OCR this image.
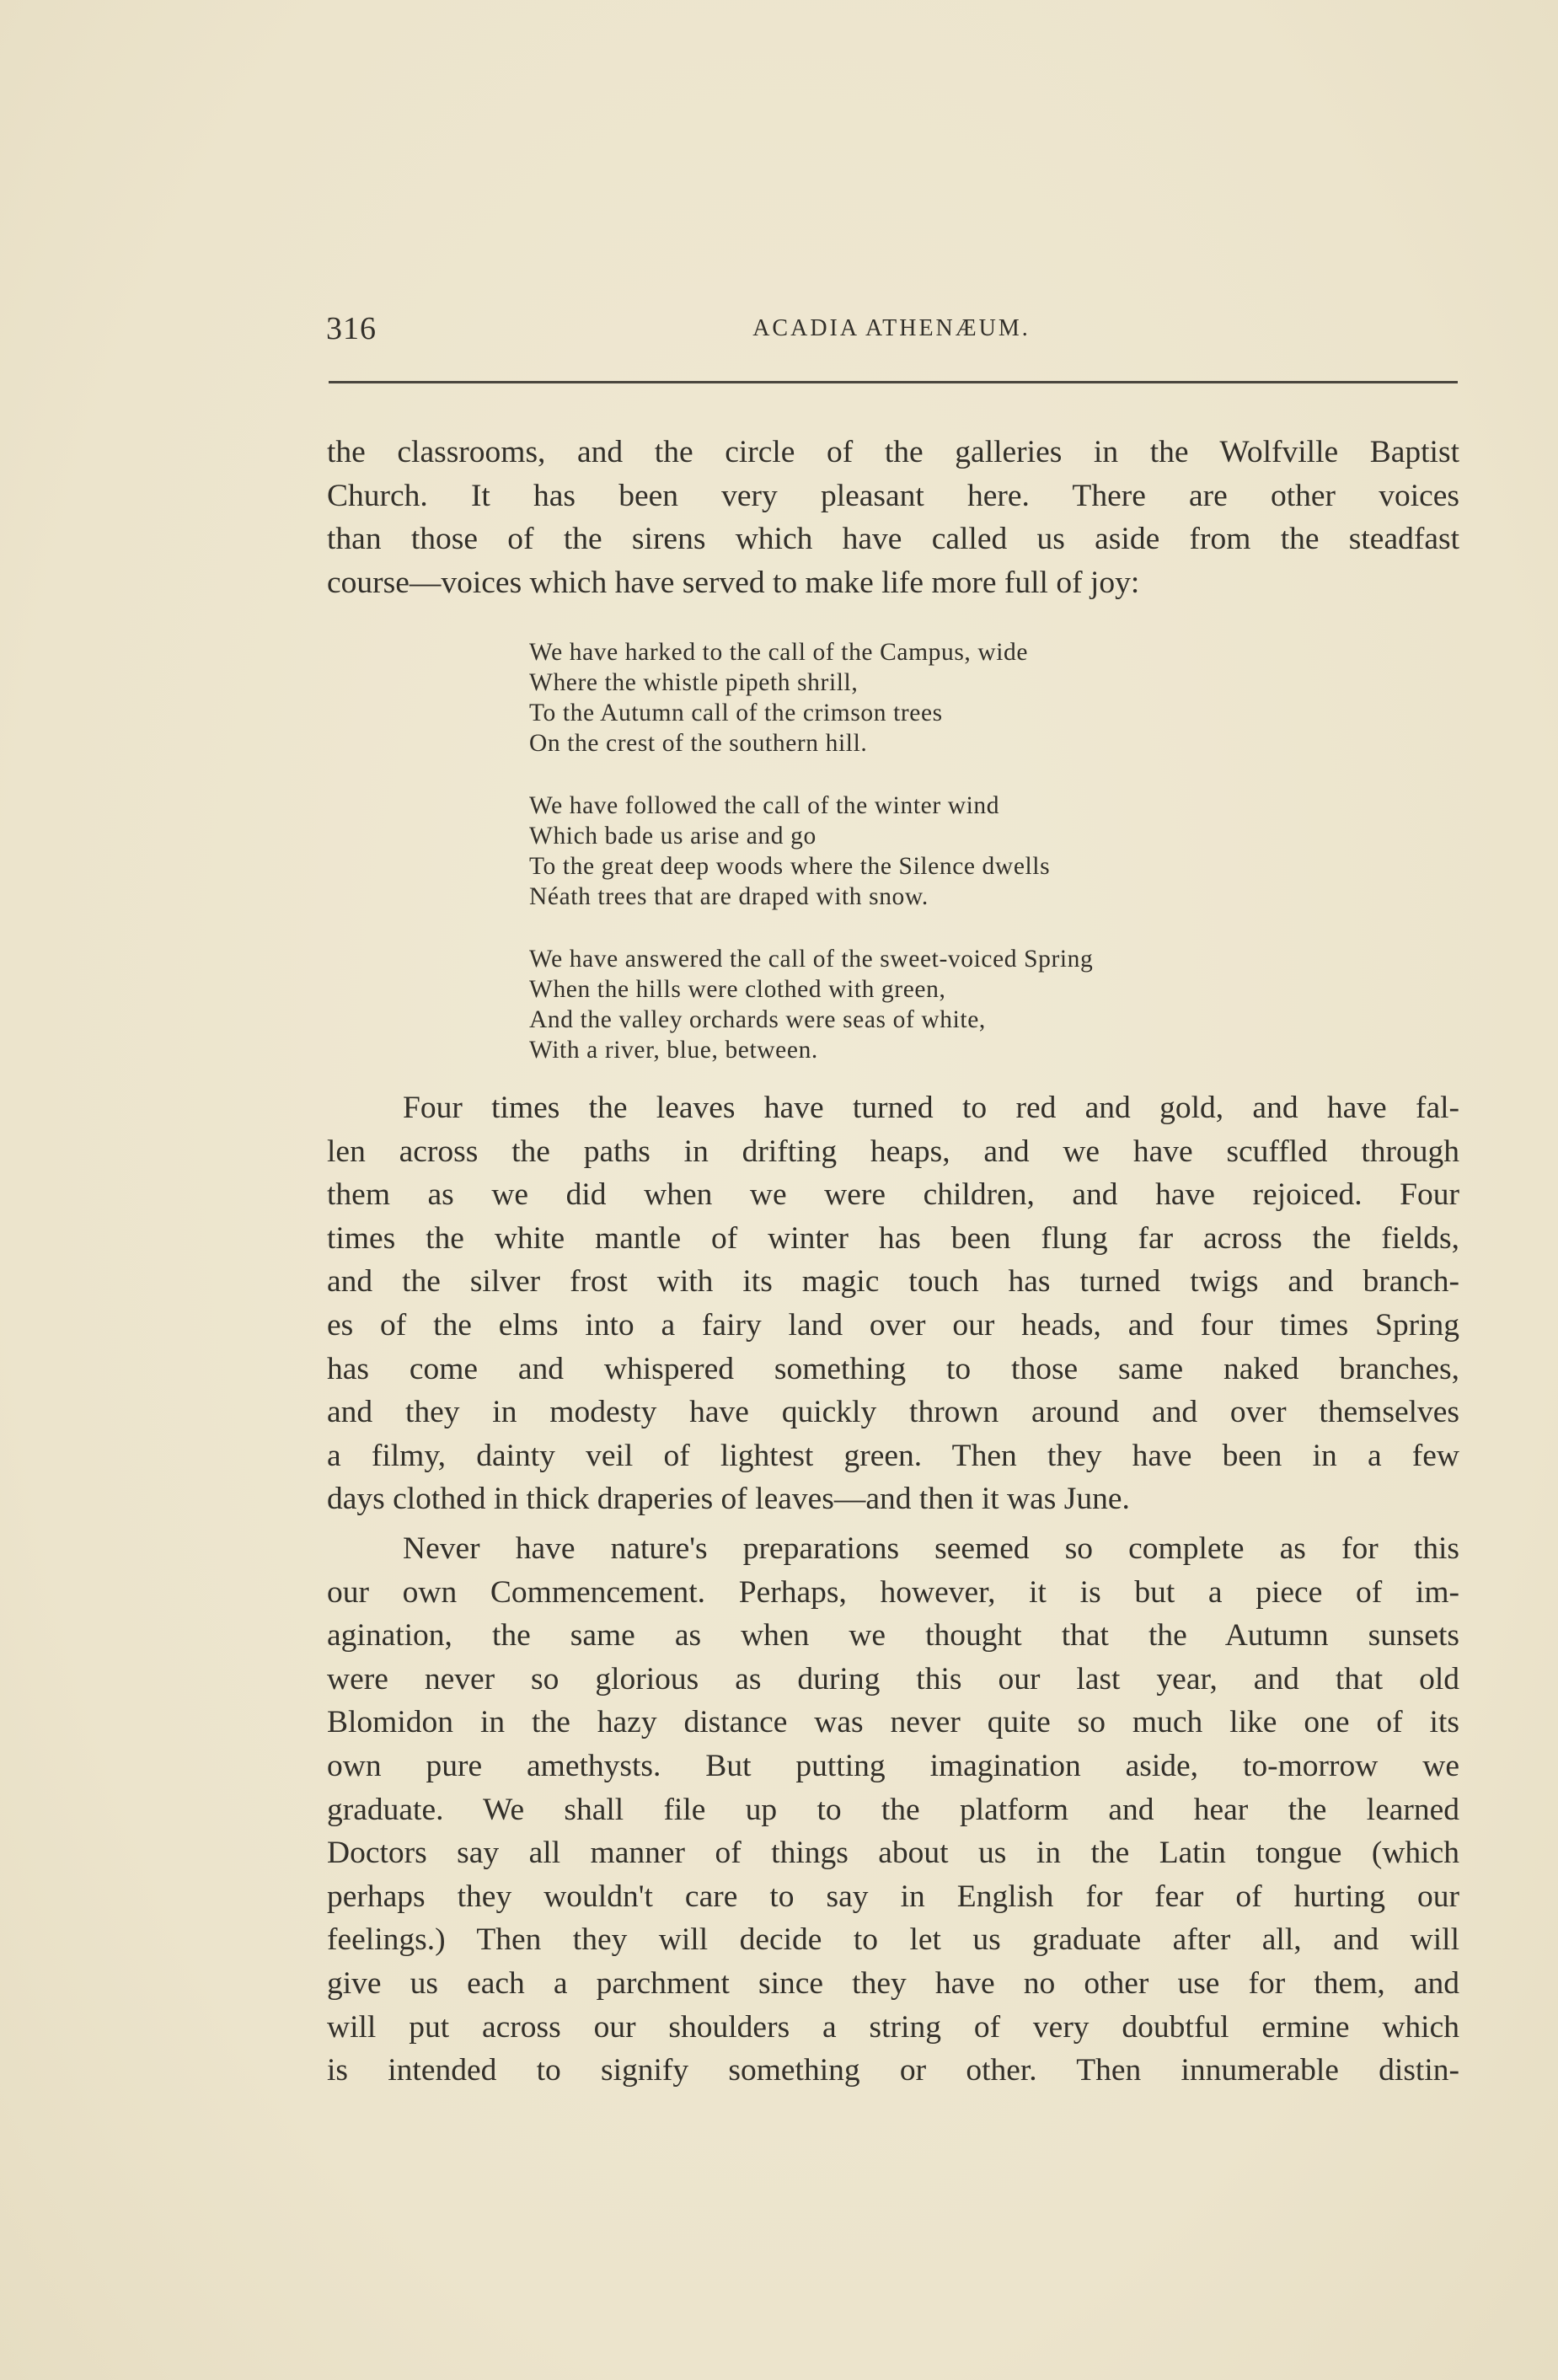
316	ACADIA ATHENÆUM.

the classrooms, and the circle of the galleries in the Wolfville Baptist

Church. It has been very pleasant here. There are other voices

than those of the sirens which have called us aside from the steadfast

course—voices which have served to make life more full of joy:

We have harked to the call of the Campus, wide
Where the whistle pipeth shrill,
To the Autumn call of the crimson trees
On the crest of the southern hill.
We have followed the call of the winter wind
Which bade us arise and go
To the great deep woods where the Silence dwells
Néath trees that are draped with snow.
We have answered the call of the sweet-voiced Spring
When the hills were clothed with green,
And the valley orchards were seas of white,
With a river, blue, between.

Four times the leaves have turned to red and gold, and have fal-

len across the paths in drifting heaps, and we have scuffled through

them as we did when we were children, and have rejoiced. Four

times the white mantle of winter has been flung far across the fields,

and the silver frost with its magic touch has turned twigs and branch-

es of the elms into a fairy land over our heads, and four times Spring

has come and whispered something to those same naked branches,

and they in modesty have quickly thrown around and over themselves

a filmy, dainty veil of lightest green. Then they have been in a few

days clothed in thick draperies of leaves—and then it was June.

Never have nature's preparations seemed so complete as for this

our own Commencement. Perhaps, however, it is but a piece of im-

agination, the same as when we thought that the Autumn sunsets

were never so glorious as during this our last year, and that old

Blomidon in the hazy distance was never quite so much like one of its

own pure amethysts. But putting imagination aside, to-morrow we

graduate. We shall file up to the platform and hear the learned

Doctors say all manner of things about us in the Latin tongue (which

perhaps they wouldn't care to say in English for fear of hurting our

feelings.) Then they will decide to let us graduate after all, and will

give us each a parchment since they have no other use for them, and

will put across our shoulders a string of very doubtful ermine which

is intended to signify something or other. Then innumerable distin-
